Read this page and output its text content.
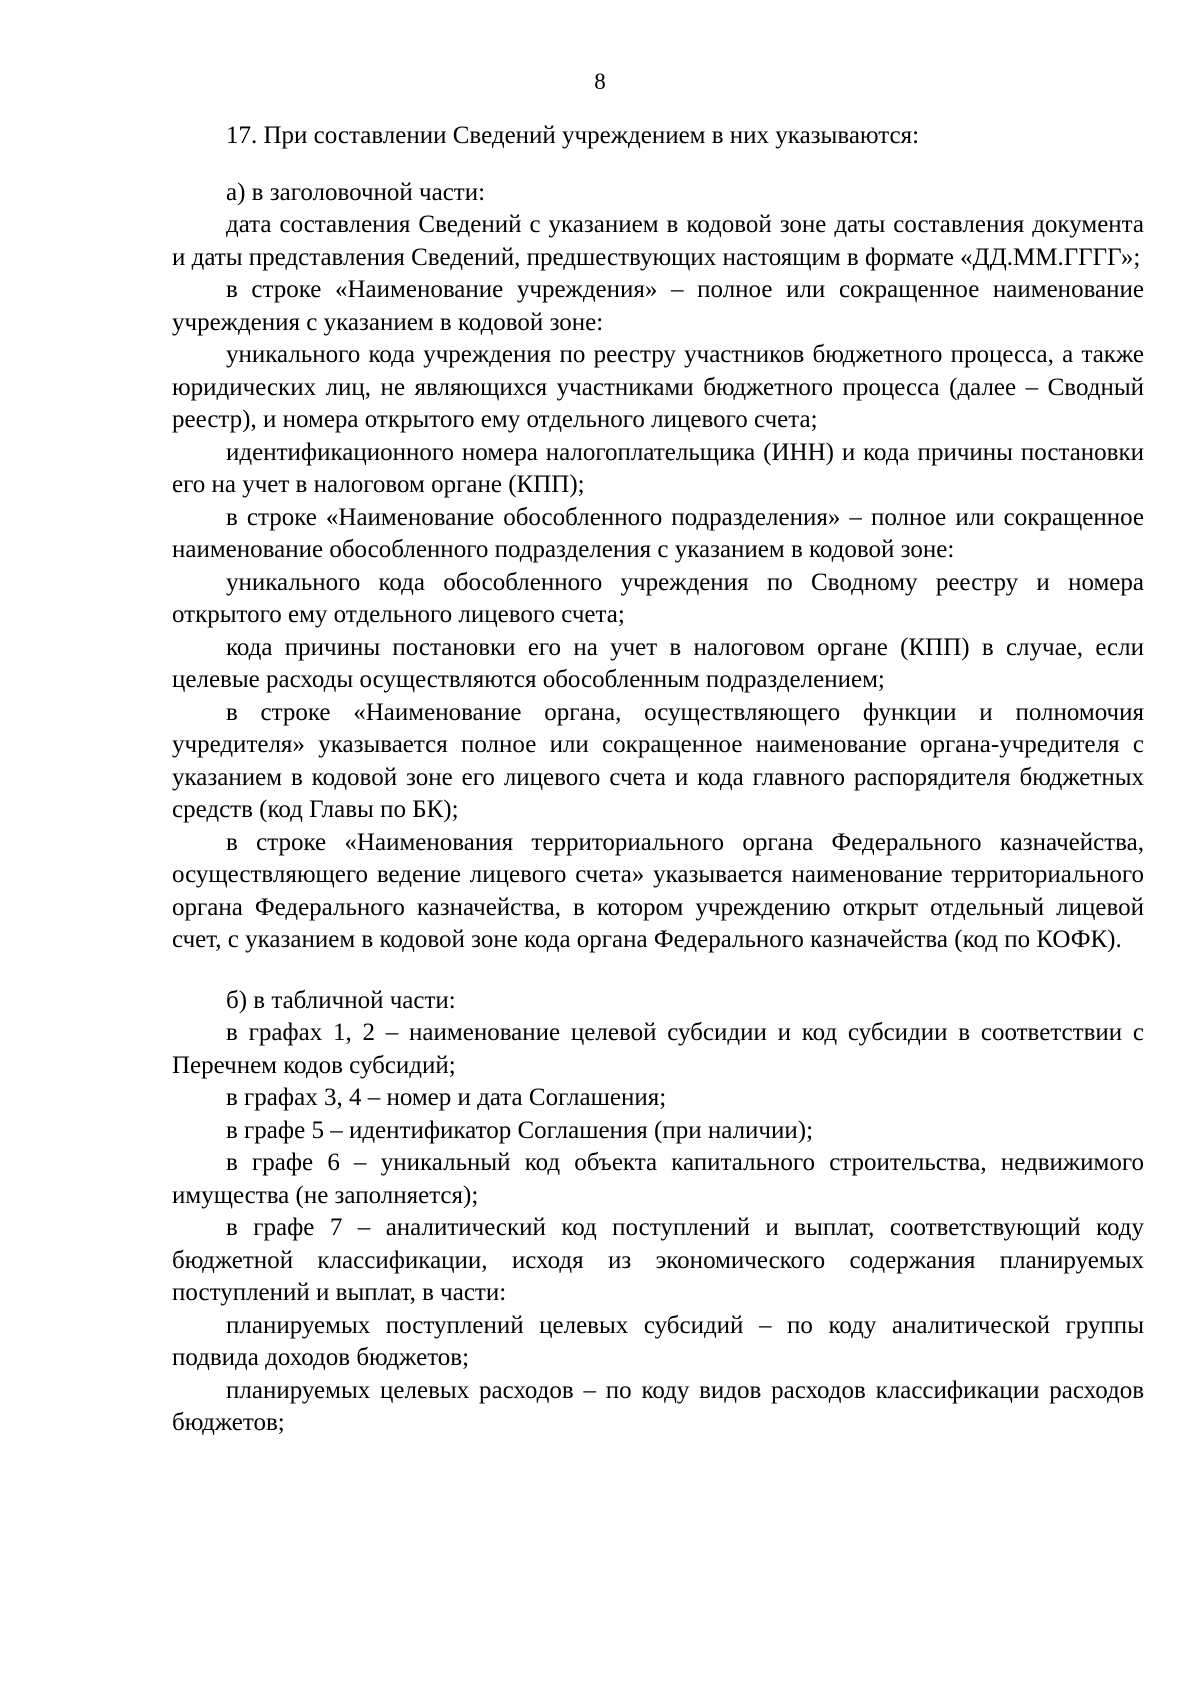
8

17. При составлении Сведений учреждением в них указываются:

а) в заголовочной части:

дата составления Сведений с указанием в кодовой зоне даты составления документа и даты представления Сведений, предшествующих настоящим в формате «ДД.ММ.ГГГГ»;

в строке «Наименование учреждения» – полное или сокращенное наименование учреждения с указанием в кодовой зоне:

уникального кода учреждения по реестру участников бюджетного процесса, а также юридических лиц, не являющихся участниками бюджетного процесса (далее – Сводный реестр), и номера открытого ему отдельного лицевого счета;

идентификационного номера налогоплательщика (ИНН) и кода причины постановки его на учет в налоговом органе (КПП);

в строке «Наименование обособленного подразделения» – полное или сокращенное наименование обособленного подразделения с указанием в кодовой зоне:

уникального кода обособленного учреждения по Сводному реестру и номера открытого ему отдельного лицевого счета;

кода причины постановки его на учет в налоговом органе (КПП) в случае, если целевые расходы осуществляются обособленным подразделением;

в строке «Наименование органа, осуществляющего функции и полномочия учредителя» указывается полное или сокращенное наименование органа-учредителя с указанием в кодовой зоне его лицевого счета и кода главного распорядителя бюджетных средств (код Главы по БК);

в строке «Наименования территориального органа Федерального казначейства, осуществляющего ведение лицевого счета» указывается наименование территориального органа Федерального казначейства, в котором учреждению открыт отдельный лицевой счет, с указанием в кодовой зоне кода органа Федерального казначейства (код по КОФК).

б) в табличной части:

в графах 1, 2 – наименование целевой субсидии и код субсидии в соответствии с Перечнем кодов субсидий;

в графах 3, 4 – номер и дата Соглашения;

в графе 5 – идентификатор Соглашения (при наличии);

в графе 6 – уникальный код объекта капитального строительства, недвижимого имущества (не заполняется);

в графе 7 – аналитический код поступлений и выплат, соответствующий коду бюджетной классификации, исходя из экономического содержания планируемых поступлений и выплат, в части:

планируемых поступлений целевых субсидий – по коду аналитической группы подвида доходов бюджетов;

планируемых целевых расходов – по коду видов расходов классификации расходов бюджетов;
